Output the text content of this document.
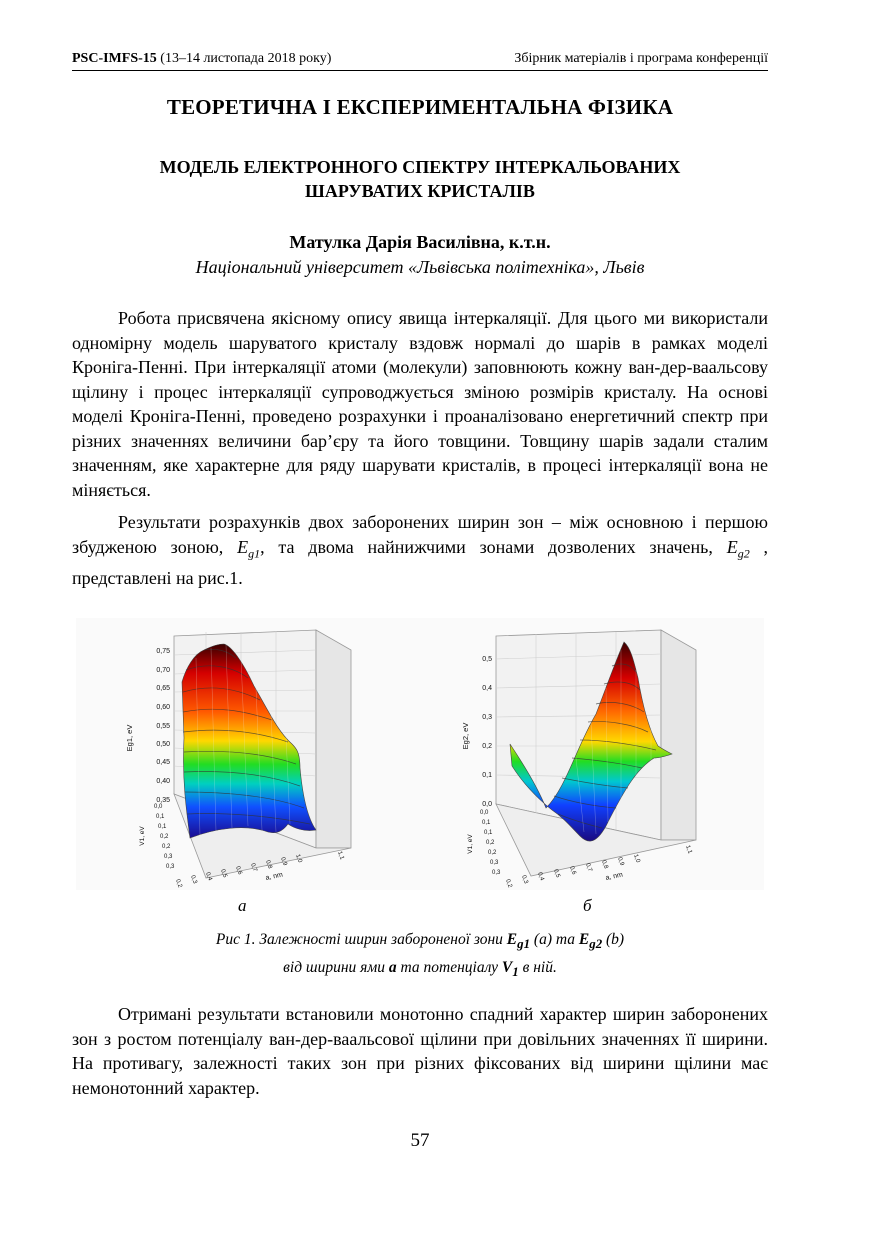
PSC-IMFS-15 (13–14 листопада 2018 року)	Збірник матеріалів і програма конференції
ТЕОРЕТИЧНА І ЕКСПЕРИМЕНТАЛЬНА ФІЗИКА
МОДЕЛЬ ЕЛЕКТРОННОГО СПЕКТРУ ІНТЕРКАЛЬОВАНИХ
ШАРУВАТИХ КРИСТАЛІВ
Матулка Дарія Василівна, к.т.н.
Національний університет «Львівська політехніка», Львів

Робота присвячена якісному опису явища інтеркаляції. Для цього ми використали одномірну модель шаруватого кристалу вздовж нормалі до шарів в рамках моделі Кроніга-Пенні. При інтеркаляції атоми (молекули) заповнюють кожну ван-дер-ваальсову щілину і процес інтеркаляції супроводжується зміною розмірів кристалу. На основі моделі Кроніга-Пенні, проведено розрахунки і проаналізовано енергетичний спектр при різних значеннях величини бар’єру та його товщини. Товщину шарів задали сталим значенням, яке характерне для ряду шарувати кристалів, в процесі інтеркаляції вона не міняється.

Результати розрахунків двох заборонених ширин зон – між основною і першою збудженою зоною, $E_{g1}$, та двома найнижчими зонами дозволених значень, $E_{g2}$ , представлені на рис.1.

0,75
0,70
0,65
0,60
0,55
0,50
0,45
0,40
0,35
Eg1, eV
0,0
0,1
0,1
0,2
0,2
0,3
0,3
V1, eV
0,2 0,3 0,4 0,5 0,6 0,7 0,8 0,9 1,0	1,1
a, nm
0,5
0,4
0,3
0,2
0,1
0,0
Eg2, eV
0,0
0,1
0,1
0,2
0,2
0,3
0,3
V1, eV
0,2 0,3 0,4 0,5 0,6 0,7 0,8 0,9 1,0
1,1
a, nm
а	б
Рис 1. Залежності ширин забороненої зони $E_{g1}$ (a) та $E_{g2}$ (b)
від ширини ями a та потенціалу $V_1$ в ній.

Отримані результати встановили монотонно спадний характер ширин заборонених зон з ростом потенціалу ван-дер-ваальсової щілини при довільних значеннях її ширини. На противагу, залежності таких зон при різних фіксованих від ширини щілини має немонотонний характер.

57
